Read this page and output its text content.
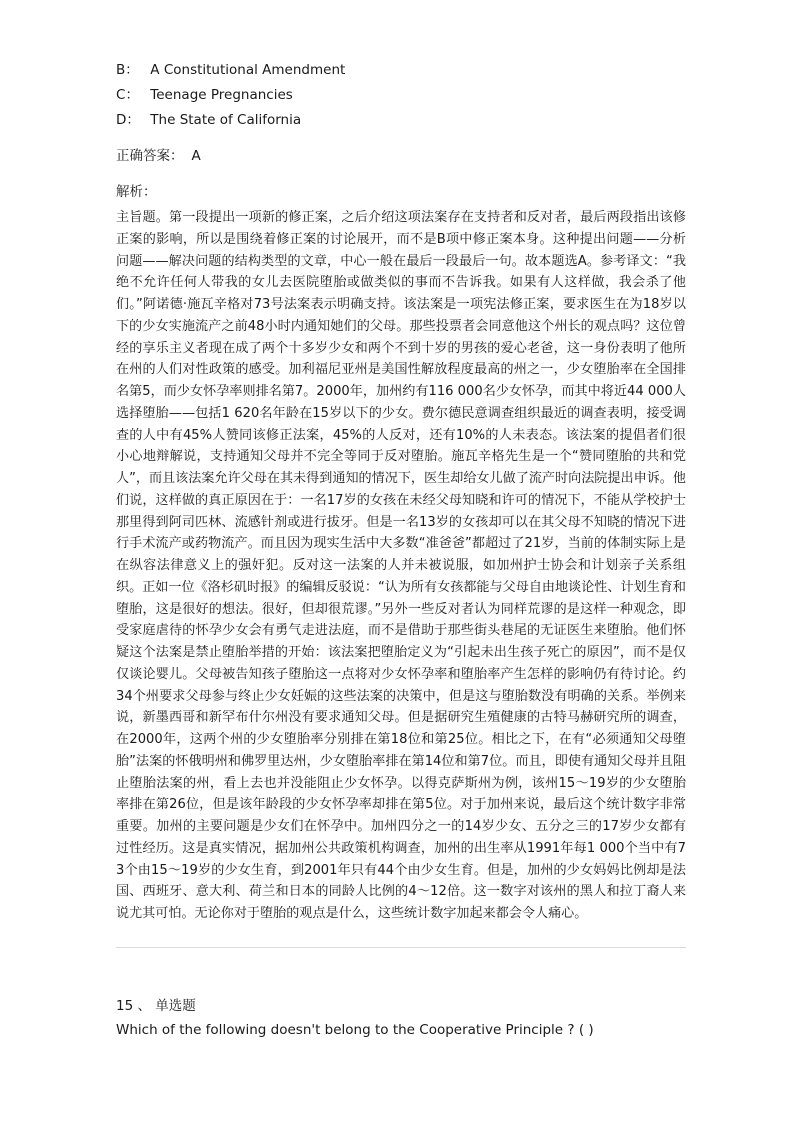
B： A Constitutional Amendment
C： Teenage Pregnancies
D： The State of California
正确答案： A
解析：
主旨题。第一段提出一项新的修正案，之后介绍这项法案存在支持者和反对者，最后两段指出该修正案的影响，所以是围绕着修正案的讨论展开，而不是B项中修正案本身。这种提出问题——分析问题——解决问题的结构类型的文章，中心一般在最后一段最后一句。故本题选A。参考译文：“我绝不允许任何人带我的女儿去医院堕胎或做类似的事而不告诉我。如果有人这样做，我会杀了他们。”阿诺德·施瓦辛格对73号法案表示明确支持。该法案是一项宪法修正案，要求医生在为18岁以下的少女实施流产之前48小时内通知她们的父母。那些投票者会同意他这个州长的观点吗？这位曾经的享乐主义者现在成了两个十多岁少女和两个不到十岁的男孩的爱心老爸，这一身份表明了他所在州的人们对性政策的感受。加利福尼亚州是美国性解放程度最高的州之一，少女堕胎率在全国排名第5，而少女怀孕率则排名第7。2000年，加州约有116 000名少女怀孕，而其中将近44 000人选择堕胎——包括1 620名年龄在15岁以下的少女。费尔德民意调查组织最近的调查表明，接受调查的人中有45%人赞同该修正法案，45%的人反对，还有10%的人未表态。该法案的提倡者们很小心地辩解说，支持通知父母并不完全等同于反对堕胎。施瓦辛格先生是一个“赞同堕胎的共和党人”，而且该法案允许父母在其未得到通知的情况下，医生却给女儿做了流产时向法院提出申诉。他们说，这样做的真正原因在于：一名17岁的女孩在未经父母知晓和许可的情况下，不能从学校护士那里得到阿司匹林、流感针剂或进行拔牙。但是一名13岁的女孩却可以在其父母不知晓的情况下进行手术流产或药物流产。而且因为现实生活中大多数“准爸爸”都超过了21岁，当前的体制实际上是在纵容法律意义上的强奸犯。反对这一法案的人并未被说服，如加州护士协会和计划亲子关系组织。正如一位《洛杉矶时报》的编辑反驳说：“认为所有女孩都能与父母自由地谈论性、计划生育和堕胎，这是很好的想法。很好，但却很荒谬。”另外一些反对者认为同样荒谬的是这样一种观念，即受家庭虐待的怀孕少女会有勇气走进法庭，而不是借助于那些街头巷尾的无证医生来堕胎。他们怀疑这个法案是禁止堕胎举措的开始：该法案把堕胎定义为“引起未出生孩子死亡的原因”，而不是仅仅谈论婴儿。父母被告知孩子堕胎这一点将对少女怀孕率和堕胎率产生怎样的影响仍有待讨论。约34个州要求父母参与终止少女妊娠的这些法案的决策中，但是这与堕胎数没有明确的关系。举例来说，新墨西哥和新罕布什尔州没有要求通知父母。但是据研究生殖健康的古特马赫研究所的调查，在2000年，这两个州的少女堕胎率分别排在第18位和第25位。相比之下，在有“必须通知父母堕胎”法案的怀俄明州和佛罗里达州，少女堕胎率排在第14位和第7位。而且，即使有通知父母并且阻止堕胎法案的州，看上去也并没能阻止少女怀孕。以得克萨斯州为例，该州15～19岁的少女堕胎率排在第26位，但是该年龄段的少女怀孕率却排在第5位。对于加州来说，最后这个统计数字非常重要。加州的主要问题是少女们在怀孕中。加州四分之一的14岁少女、五分之三的17岁少女都有过性经历。这是真实情况，据加州公共政策机构调查，加州的出生率从1991年每1 000个当中有73个由15～19岁的少女生育，到2001年只有44个由少女生育。但是，加州的少女妈妈比例却是法国、西班牙、意大利、荷兰和日本的同龄人比例的4～12倍。这一数字对该州的黑人和拉丁裔人来说尤其可怕。无论你对于堕胎的观点是什么，这些统计数字加起来都会令人痛心。
15 、 单选题
Which of the following doesn't belong to the Cooperative Principle ? ( )
